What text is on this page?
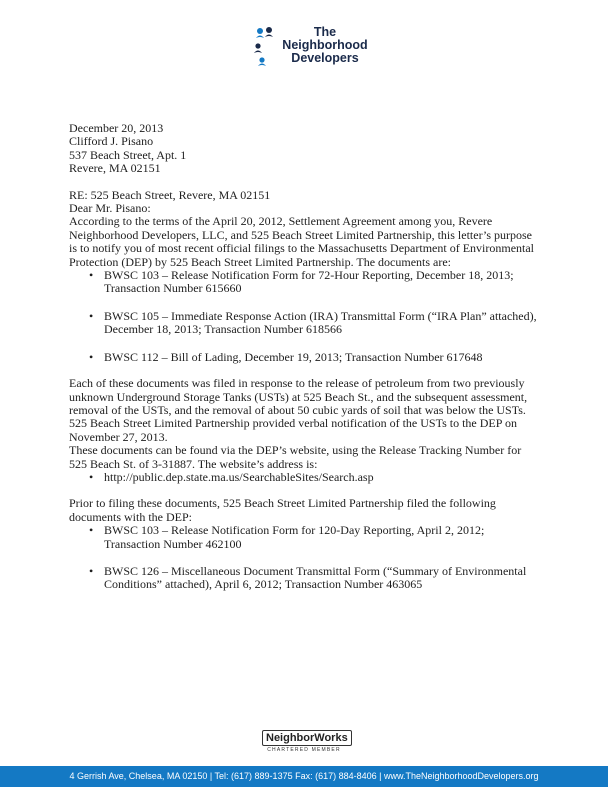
The
Neighborhood
Developers

December 20, 2013

Clifford J. Pisano

537 Beach Street, Apt. 1

Revere, MA 02151

RE: 525 Beach Street, Revere, MA 02151

Dear Mr. Pisano:

According to the terms of the April 20, 2012, Settlement Agreement among you, Revere Neighborhood Developers, LLC, and 525 Beach Street Limited Partnership, this letter’s purpose is to notify you of most recent official filings to the Massachusetts Department of Environmental Protection (DEP) by 525 Beach Street Limited Partnership. The documents are:

• BWSC 103 – Release Notification Form for 72-Hour Reporting, December 18, 2013; Transaction Number 615660
• BWSC 105 – Immediate Response Action (IRA) Transmittal Form (“IRA Plan” attached), December 18, 2013; Transaction Number 618566
• BWSC 112 – Bill of Lading, December 19, 2013; Transaction Number 617648

Each of these documents was filed in response to the release of petroleum from two previously unknown Underground Storage Tanks (USTs) at 525 Beach St., and the subsequent assessment, removal of the USTs, and the removal of about 50 cubic yards of soil that was below the USTs. 525 Beach Street Limited Partnership provided verbal notification of the USTs to the DEP on November 27, 2013.

These documents can be found via the DEP’s website, using the Release Tracking Number for 525 Beach St. of 3-31887. The website’s address is:

• http://public.dep.state.ma.us/SearchableSites/Search.asp

Prior to filing these documents, 525 Beach Street Limited Partnership filed the following documents with the DEP:

• BWSC 103 – Release Notification Form for 120-Day Reporting, April 2, 2012; Transaction Number 462100
• BWSC 126 – Miscellaneous Document Transmittal Form (“Summary of Environmental Conditions” attached), April 6, 2012; Transaction Number 463065
NeighborWorks
CHARTERED MEMBER
4 Gerrish Ave, Chelsea, MA 02150 | Tel: (617) 889-1375 Fax: (617) 884-8406 | www.TheNeighborhoodDevelopers.org
